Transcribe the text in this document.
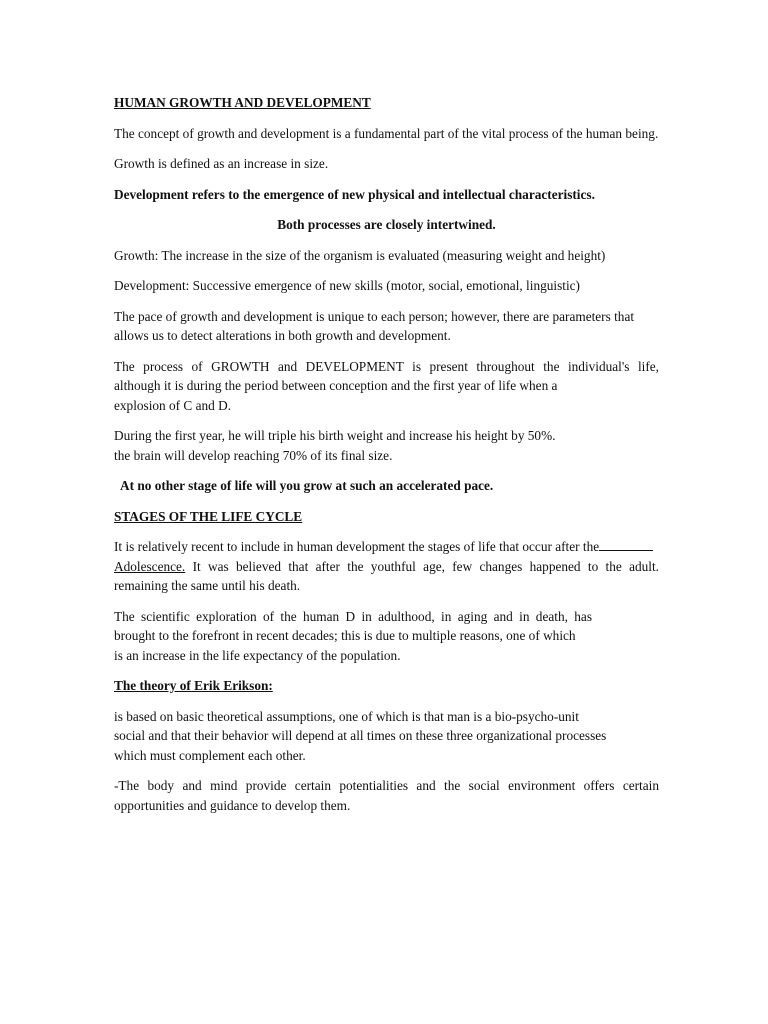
HUMAN GROWTH AND DEVELOPMENT
The concept of growth and development is a fundamental part of the vital process of the human being.
Growth is defined as an increase in size.
Development refers to the emergence of new physical and intellectual characteristics.
Both processes are closely intertwined.
Growth: The increase in the size of the organism is evaluated (measuring weight and height)
Development: Successive emergence of new skills (motor, social, emotional, linguistic)
The pace of growth and development is unique to each person; however, there are parameters that
allows us to detect alterations in both growth and development.
The process of GROWTH and DEVELOPMENT is present throughout the individual's life,
although it is during the period between conception and the first year of life when a
explosion of C and D.
During the first year, he will triple his birth weight and increase his height by 50%.
the brain will develop reaching 70% of its final size.
At no other stage of life will you grow at such an accelerated pace.
STAGES OF THE LIFE CYCLE
It is relatively recent to include in human development the stages of life that occur after the
Adolescence. It was believed that after the youthful age, few changes happened to the adult.
remaining the same until his death.
The scientific exploration of the human D in adulthood, in aging and in death, has
brought to the forefront in recent decades; this is due to multiple reasons, one of which
is an increase in the life expectancy of the population.
The theory of Erik Erikson:
is based on basic theoretical assumptions, one of which is that man is a bio-psycho-unit
social and that their behavior will depend at all times on these three organizational processes
which must complement each other.
-The body and mind provide certain potentialities and the social environment offers certain
opportunities and guidance to develop them.
